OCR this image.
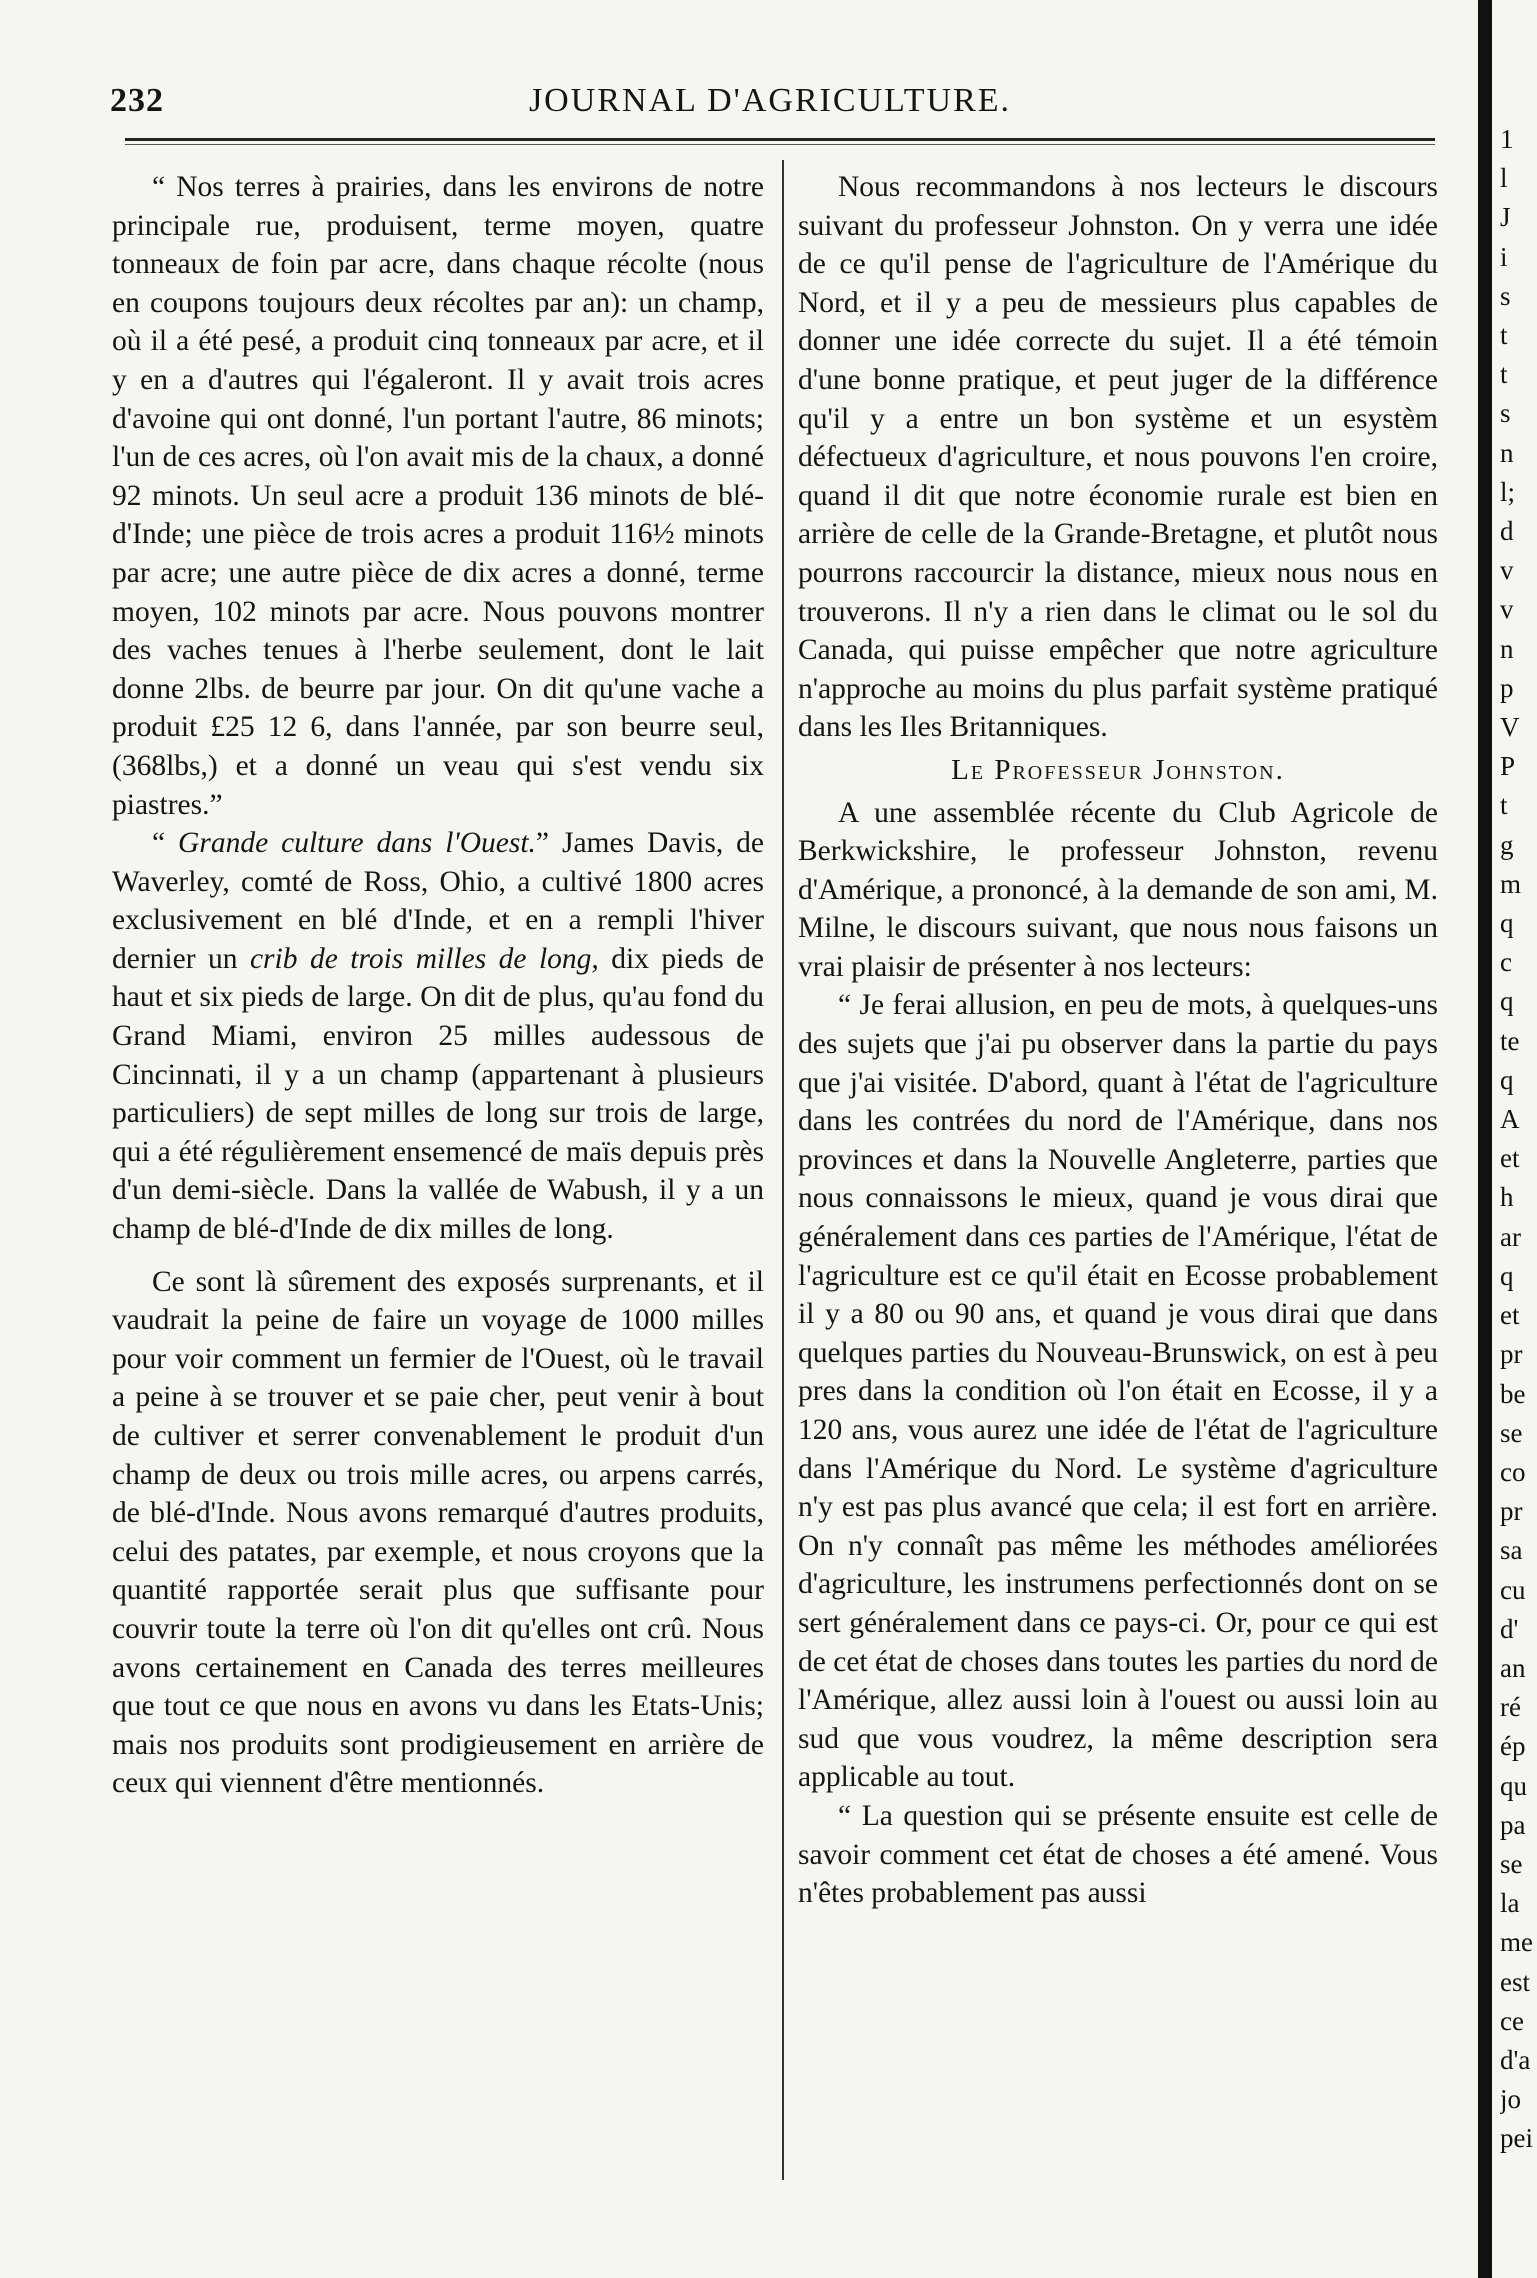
232	JOURNAL D'AGRICULTURE.

“ Nos terres à prairies, dans les environs de notre principale rue, produisent, terme moyen, quatre tonneaux de foin par acre, dans chaque récolte (nous en coupons toujours deux récoltes par an): un champ, où il a été pesé, a produit cinq tonneaux par acre, et il y en a d'autres qui l'égaleront. Il y avait trois acres d'avoine qui ont donné, l'un portant l'autre, 86 minots; l'un de ces acres, où l'on avait mis de la chaux, a donné 92 minots. Un seul acre a produit 136 minots de blé-d'Inde; une pièce de trois acres a produit 116½ minots par acre; une autre pièce de dix acres a donné, terme moyen, 102 minots par acre. Nous pouvons montrer des vaches tenues à l'herbe seulement, dont le lait donne 2lbs. de beurre par jour. On dit qu'une vache a produit £25 12 6, dans l'année, par son beurre seul, (368lbs,) et a donné un veau qui s'est vendu six piastres.”

“ Grande culture dans l'Ouest.” James Davis, de Waverley, comté de Ross, Ohio, a cultivé 1800 acres exclusivement en blé d'Inde, et en a rempli l'hiver dernier un crib de trois milles de long, dix pieds de haut et six pieds de large. On dit de plus, qu'au fond du Grand Miami, environ 25 milles audessous de Cincinnati, il y a un champ (appartenant à plusieurs particuliers) de sept milles de long sur trois de large, qui a été régulièrement ensemencé de maïs depuis près d'un demi-siècle. Dans la vallée de Wabush, il y a un champ de blé-d'Inde de dix milles de long.

Ce sont là sûrement des exposés surprenants, et il vaudrait la peine de faire un voyage de 1000 milles pour voir comment un fermier de l'Ouest, où le travail a peine à se trouver et se paie cher, peut venir à bout de cultiver et serrer convenablement le produit d'un champ de deux ou trois mille acres, ou arpens carrés, de blé-d'Inde. Nous avons remarqué d'autres produits, celui des patates, par exemple, et nous croyons que la quantité rapportée serait plus que suffisante pour couvrir toute la terre où l'on dit qu'elles ont crû. Nous avons certainement en Canada des terres meilleures que tout ce que nous en avons vu dans les Etats-Unis; mais nos produits sont prodigieusement en arrière de ceux qui viennent d'être mentionnés.

Nous recommandons à nos lecteurs le discours suivant du professeur Johnston. On y verra une idée de ce qu'il pense de l'agriculture de l'Amérique du Nord, et il y a peu de messieurs plus capables de donner une idée correcte du sujet. Il a été témoin d'une bonne pratique, et peut juger de la différence qu'il y a entre un bon système et un esystèm défectueux d'agriculture, et nous pouvons l'en croire, quand il dit que notre économie rurale est bien en arrière de celle de la Grande-Bretagne, et plutôt nous pourrons raccourcir la distance, mieux nous nous en trouverons. Il n'y a rien dans le climat ou le sol du Canada, qui puisse empêcher que notre agriculture n'approche au moins du plus parfait système pratiqué dans les Iles Britanniques.

Le Professeur Johnston.

A une assemblée récente du Club Agricole de Berkwickshire, le professeur Johnston, revenu d'Amérique, a prononcé, à la demande de son ami, M. Milne, le discours suivant, que nous nous faisons un vrai plaisir de présenter à nos lecteurs:

“ Je ferai allusion, en peu de mots, à quelques-uns des sujets que j'ai pu observer dans la partie du pays que j'ai visitée. D'abord, quant à l'état de l'agriculture dans les contrées du nord de l'Amérique, dans nos provinces et dans la Nouvelle Angleterre, parties que nous connaissons le mieux, quand je vous dirai que généralement dans ces parties de l'Amérique, l'état de l'agriculture est ce qu'il était en Ecosse probablement il y a 80 ou 90 ans, et quand je vous dirai que dans quelques parties du Nouveau-Brunswick, on est à peu pres dans la condition où l'on était en Ecosse, il y a 120 ans, vous aurez une idée de l'état de l'agriculture dans l'Amérique du Nord. Le système d'agriculture n'y est pas plus avancé que cela; il est fort en arrière. On n'y connaît pas même les méthodes améliorées d'agriculture, les instrumens perfectionnés dont on se sert généralement dans ce pays-ci. Or, pour ce qui est de cet état de choses dans toutes les parties du nord de l'Amérique, allez aussi loin à l'ouest ou aussi loin au sud que vous voudrez, la même description sera applicable au tout.

“ La question qui se présente ensuite est celle de savoir comment cet état de choses a été amené. Vous n'êtes probablement pas aussi

1
l
J
i
s
t
t
s
n
l;
d
v
v
n
p
V
P
t
g
m
q
c
q
te
q
A
et
h
ar
q
et
pr
be
se
co
pr
sa
cu
d'
an
ré
ép
qu
pa
se
la
me
est
ce
d'a
jo
pei
